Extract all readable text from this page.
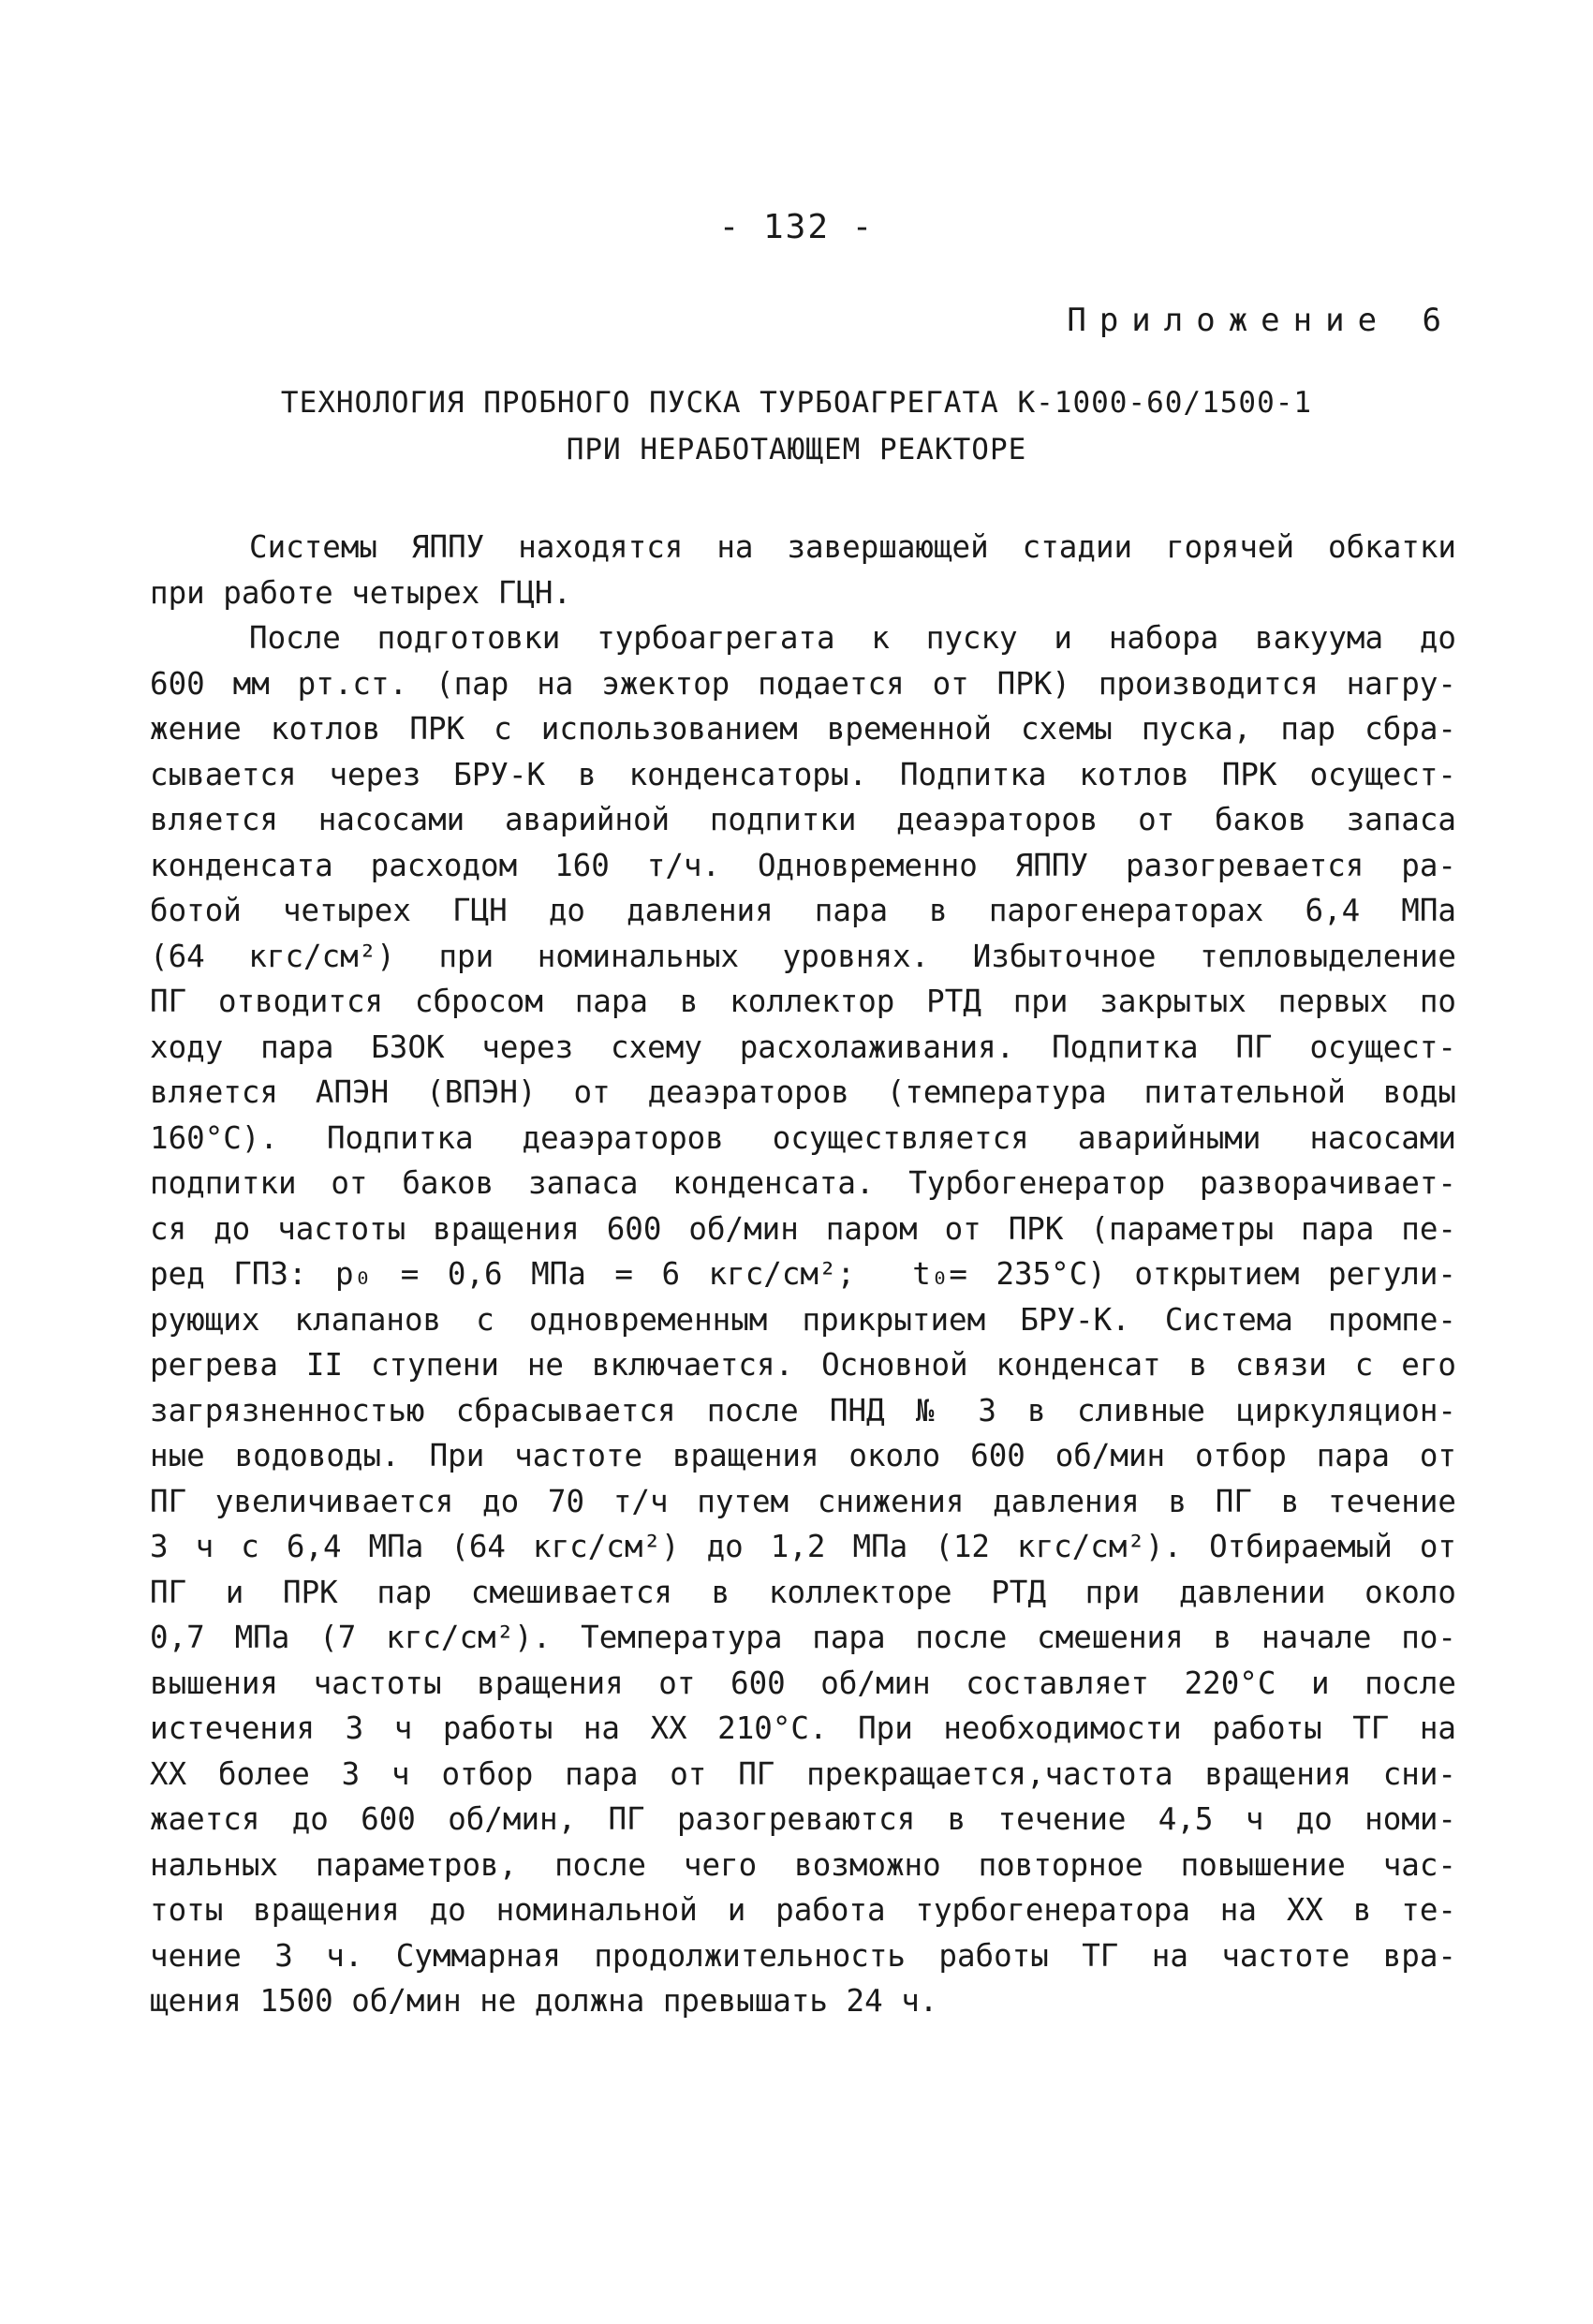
- 132 -
Приложение 6
ТЕХНОЛОГИЯ ПРОБНОГО ПУСКА ТУРБОАГРЕГАТА К-1000-60/1500-1
ПРИ НЕРАБОТАЮЩЕМ РЕАКТОРЕ
Системы ЯППУ находятся на завершающей стадии горячей обкатки
при работе четырех ГЦН.
После подготовки турбоагрегата к пуску и набора вакуума до
600 мм рт.ст. (пар на эжектор подается от ПРК) производится нагру-
жение котлов ПРК с использованием временной схемы пуска, пар сбра-
сывается через БРУ-К в конденсаторы. Подпитка котлов ПРК осущест-
вляется насосами аварийной подпитки деаэраторов от баков запаса
конденсата расходом 160 т/ч. Одновременно ЯППУ разогревается ра-
ботой четырех ГЦН до давления пара в парогенераторах 6,4 МПа
(64 кгс/см²) при номинальных уровнях. Избыточное тепловыделение
ПГ отводится сбросом пара в коллектор РТД при закрытых первых по
ходу пара БЗОК через схему расхолаживания. Подпитка ПГ осущест-
вляется АПЭН (ВПЭН) от деаэраторов (температура питательной воды
160°С). Подпитка деаэраторов осуществляется аварийными насосами
подпитки от баков запаса конденсата. Турбогенератор разворачивает-
ся до частоты вращения 600 об/мин паром от ПРК (параметры пара пе-
ред ГПЗ: р₀ = 0,6 МПа = 6 кгс/см²;  t₀= 235°С) открытием регули-
рующих клапанов с одновременным прикрытием БРУ-К. Система промпе-
регрева II ступени не включается. Основной конденсат в связи с его
загрязненностью сбрасывается после ПНД № 3 в сливные циркуляцион-
ные водоводы. При частоте вращения около 600 об/мин отбор пара от
ПГ увеличивается до 70 т/ч путем снижения давления в ПГ в течение
3 ч с 6,4 МПа (64 кгс/см²) до 1,2 МПа (12 кгс/см²). Отбираемый от
ПГ и ПРК пар смешивается в коллекторе РТД при давлении около
0,7 МПа (7 кгс/см²). Температура пара после смешения в начале по-
вышения частоты вращения от 600 об/мин составляет 220°С и после
истечения 3 ч работы на ХХ 210°С. При необходимости работы ТГ на
ХХ более 3 ч отбор пара от ПГ прекращается,частота вращения сни-
жается до 600 об/мин, ПГ разогреваются в течение 4,5 ч до номи-
нальных параметров, после чего возможно повторное повышение час-
тоты вращения до номинальной и работа турбогенератора на ХХ в те-
чение 3 ч. Суммарная продолжительность работы ТГ на частоте вра-
щения 1500 об/мин не должна превышать 24 ч.
